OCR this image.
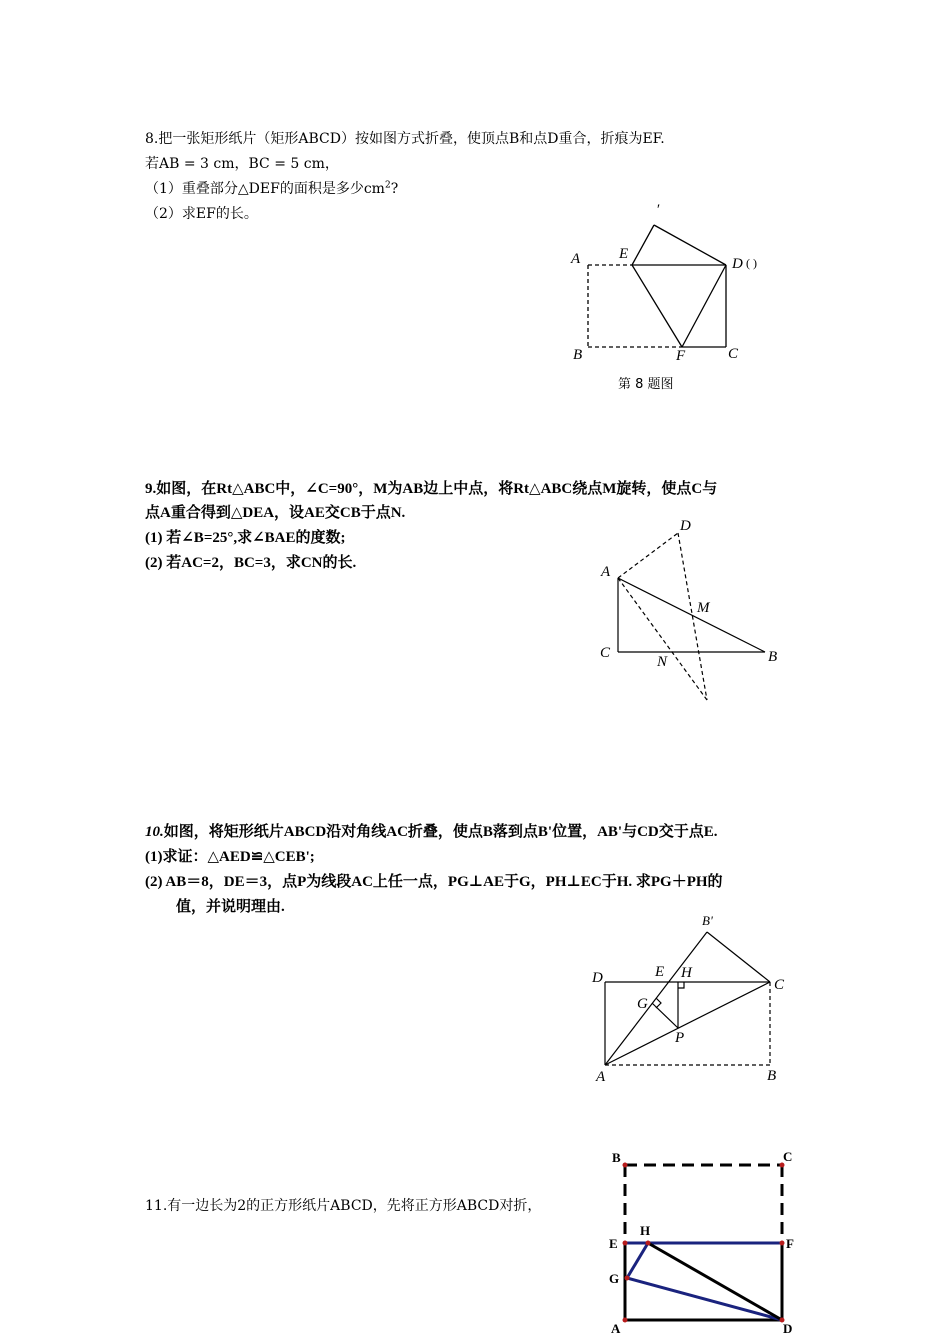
8.把一张矩形纸片（矩形ABCD）按如图方式折叠，使顶点B和点D重合，折痕为EF.
若AB = 3 cm，BC = 5 cm，
（1）重叠部分△DEF的面积是多少$cm^2$?
（2）求EF的长。	′
A	E
D ( )
B	F	C
第 8 题图
9.如图，在Rt△ABC中，∠C=90°，M为AB边上中点，将Rt△ABC绕点M旋转，使点C与
点A重合得到△DEA，设AE交CB于点N.
(1) 若∠B=25°,求∠BAE的度数;
(2) 若AC=2，BC=3，求CN的长.
D
A
M
C
N	B
10.如图，将矩形纸片ABCD沿对角线AC折叠，使点B落到点B'位置，AB'与CD交于点E.
(1)求证：△AED≌△CEB';
(2) AB＝8，DE＝3，点P为线段AC上任一点，PG⊥AE于G，PH⊥EC于H. 求PG＋PH的
值，并说明理由.
B'
D	E H
C
G
P
A	B
11.有一边长为2的正方形纸片ABCD，先将正方形ABCD对折，
B	C
H
E	F
G
A	D
